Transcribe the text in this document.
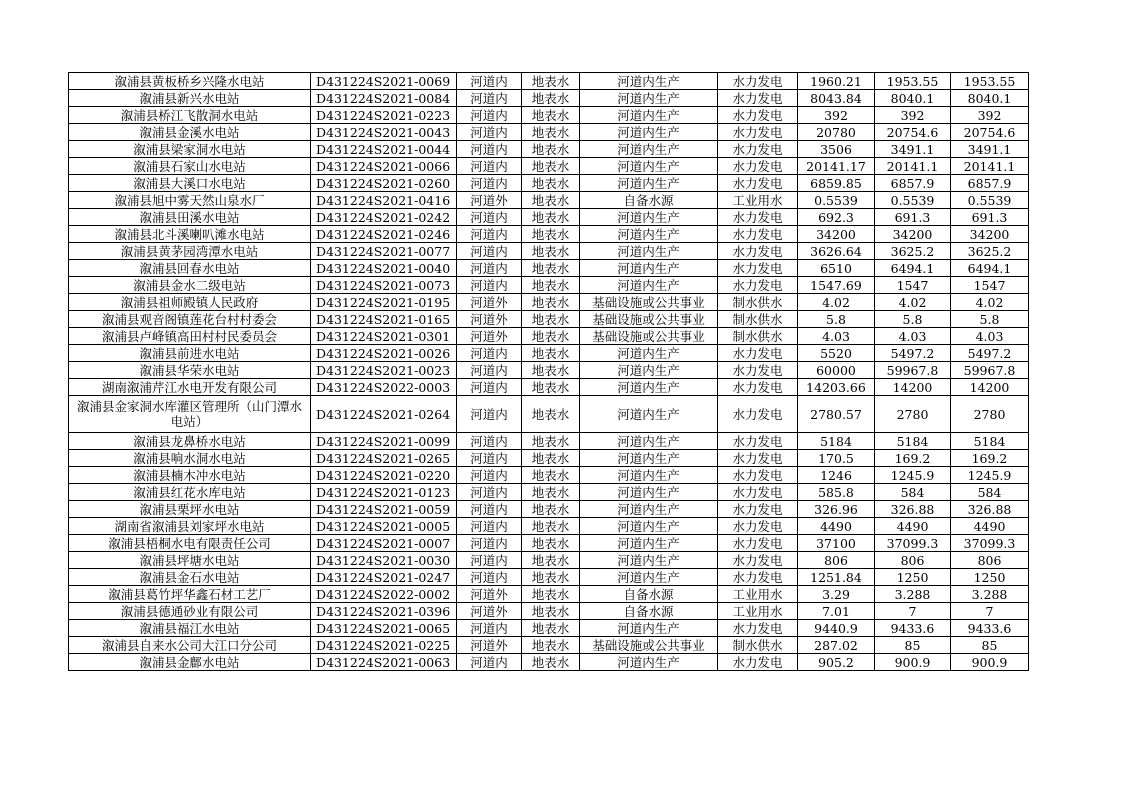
溆浦县黄板桥乡兴隆水电站	D431224S2021-0069	河道内	地表水	河道内生产	水力发电	1960.21	1953.55	1953.55
溆浦县新兴水电站	D431224S2021-0084	河道内	地表水	河道内生产	水力发电	8043.84	8040.1	8040.1
溆浦县桥江飞散洞水电站	D431224S2021-0223	河道内	地表水	河道内生产	水力发电	392	392	392
溆浦县金溪水电站	D431224S2021-0043	河道内	地表水	河道内生产	水力发电	20780	20754.6	20754.6
溆浦县梁家洞水电站	D431224S2021-0044	河道内	地表水	河道内生产	水力发电	3506	3491.1	3491.1
溆浦县石家山水电站	D431224S2021-0066	河道内	地表水	河道内生产	水力发电	20141.17	20141.1	20141.1
溆浦县大溪口水电站	D431224S2021-0260	河道内	地表水	河道内生产	水力发电	6859.85	6857.9	6857.9
溆浦县旭中雾天然山泉水厂	D431224S2021-0416	河道外	地表水	自备水源	工业用水	0.5539	0.5539	0.5539
溆浦县田溪水电站	D431224S2021-0242	河道内	地表水	河道内生产	水力发电	692.3	691.3	691.3
溆浦县北斗溪喇叭滩水电站	D431224S2021-0246	河道内	地表水	河道内生产	水力发电	34200	34200	34200
溆浦县黄茅园湾潭水电站	D431224S2021-0077	河道内	地表水	河道内生产	水力发电	3626.64	3625.2	3625.2
溆浦县回春水电站	D431224S2021-0040	河道内	地表水	河道内生产	水力发电	6510	6494.1	6494.1
溆浦县金水二级电站	D431224S2021-0073	河道内	地表水	河道内生产	水力发电	1547.69	1547	1547
溆浦县祖师殿镇人民政府	D431224S2021-0195	河道外	地表水	基础设施或公共事业	制水供水	4.02	4.02	4.02
溆浦县观音阁镇莲花台村村委会	D431224S2021-0165	河道外	地表水	基础设施或公共事业	制水供水	5.8	5.8	5.8
溆浦县卢峰镇高田村村民委员会	D431224S2021-0301	河道外	地表水	基础设施或公共事业	制水供水	4.03	4.03	4.03
溆浦县前进水电站	D431224S2021-0026	河道内	地表水	河道内生产	水力发电	5520	5497.2	5497.2
溆浦县华荣水电站	D431224S2021-0023	河道内	地表水	河道内生产	水力发电	60000	59967.8	59967.8
湖南溆浦芹江水电开发有限公司	D431224S2022-0003	河道内	地表水	河道内生产	水力发电	14203.66	14200	14200
溆浦县金家洞水库灌区管理所（山门潭水电站）	D431224S2021-0264	河道内	地表水	河道内生产	水力发电	2780.57	2780	2780
溆浦县龙鼻桥水电站	D431224S2021-0099	河道内	地表水	河道内生产	水力发电	5184	5184	5184
溆浦县响水洞水电站	D431224S2021-0265	河道内	地表水	河道内生产	水力发电	170.5	169.2	169.2
溆浦县楠木冲水电站	D431224S2021-0220	河道内	地表水	河道内生产	水力发电	1246	1245.9	1245.9
溆浦县红花水库电站	D431224S2021-0123	河道内	地表水	河道内生产	水力发电	585.8	584	584
溆浦县栗坪水电站	D431224S2021-0059	河道内	地表水	河道内生产	水力发电	326.96	326.88	326.88
湖南省溆浦县刘家坪水电站	D431224S2021-0005	河道内	地表水	河道内生产	水力发电	4490	4490	4490
溆浦县梧桐水电有限责任公司	D431224S2021-0007	河道内	地表水	河道内生产	水力发电	37100	37099.3	37099.3
溆浦县坪塘水电站	D431224S2021-0030	河道内	地表水	河道内生产	水力发电	806	806	806
溆浦县金石水电站	D431224S2021-0247	河道内	地表水	河道内生产	水力发电	1251.84	1250	1250
溆浦县葛竹坪华鑫石材工艺厂	D431224S2022-0002	河道外	地表水	自备水源	工业用水	3.29	3.288	3.288
溆浦县德通砂业有限公司	D431224S2021-0396	河道外	地表水	自备水源	工业用水	7.01	7	7
溆浦县福江水电站	D431224S2021-0065	河道内	地表水	河道内生产	水力发电	9440.9	9433.6	9433.6
溆浦县自来水公司大江口分公司	D431224S2021-0225	河道外	地表水	基础设施或公共事业	制水供水	287.02	85	85
溆浦县金鄜水电站	D431224S2021-0063	河道内	地表水	河道内生产	水力发电	905.2	900.9	900.9
